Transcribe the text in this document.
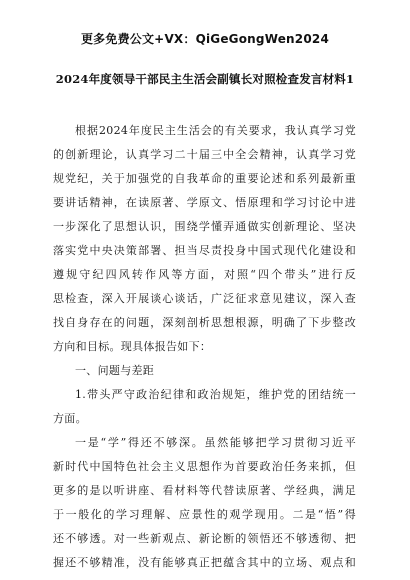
更多免费公文+VX：QiGeGongWen2024
2024年度领导干部民主生活会副镇长对照检查发言材料1
根据2024年度民主生活会的有关要求，我认真学习党
的创新理论，认真学习二十届三中全会精神，认真学习党
规党纪，关于加强党的自我革命的重要论述和系列最新重
要讲话精神，在读原著、学原文、悟原理和学习讨论中进
一步深化了思想认识，围绕学懂弄通做实创新理论、坚决
落实党中央决策部署、担当尽责投身中国式现代化建设和
遵规守纪四风转作风等方面，对照“四个带头”进行反
思检查，深入开展谈心谈话，广泛征求意见建议，深入查
找自身存在的问题，深刻剖析思想根源，明确了下步整改
方向和目标。现具体报告如下：
一、问题与差距
1.带头严守政治纪律和政治规矩，维护党的团结统一
方面。
一是“学”得还不够深。虽然能够把学习贯彻习近平
新时代中国特色社会主义思想作为首要政治任务来抓，但
更多的是以听讲座、看材料等代替读原著、学经典，满足
于一般化的学习理解、应景性的观学现用。二是“悟”得
还不够透。对一些新观点、新论断的领悟还不够透彻、把
握还不够精准，没有能够真正把蕴含其中的立场、观点和
